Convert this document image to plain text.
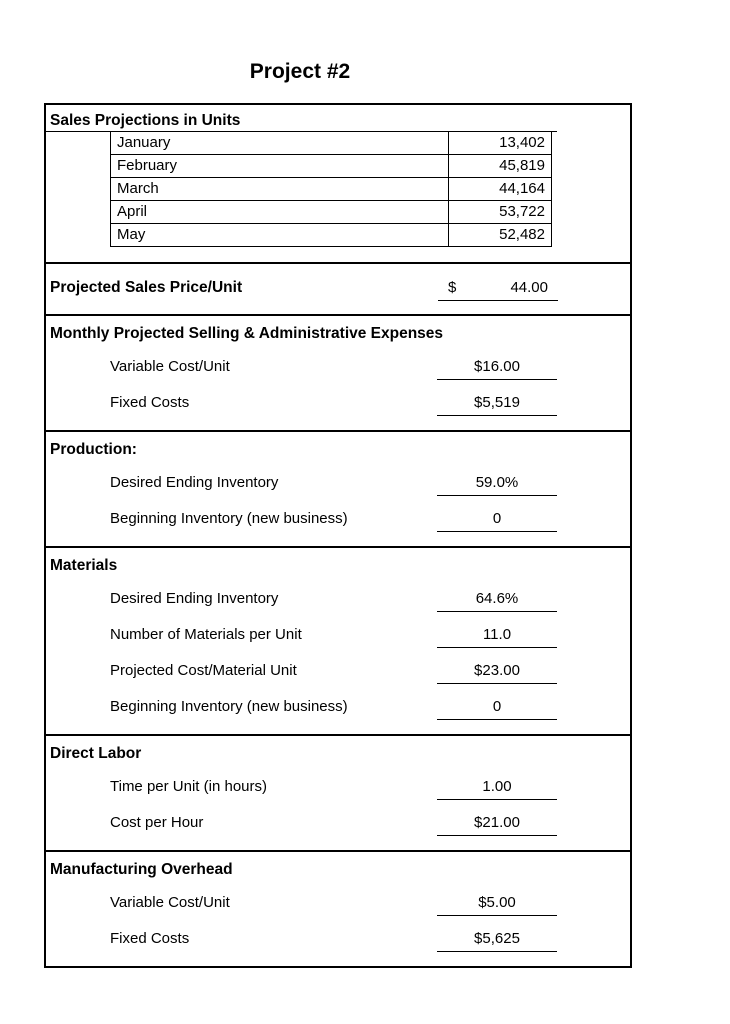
Project #2
Sales Projections in Units
January	13,402
February	45,819
March	44,164
April	53,722
May	52,482
Projected Sales Price/Unit	$	44.00
Monthly Projected Selling & Administrative Expenses
Variable Cost/Unit	$16.00
Fixed Costs	$5,519
Production:
Desired Ending Inventory	59.0%
Beginning Inventory (new business)	0
Materials
Desired Ending Inventory	64.6%
Number of Materials per Unit	11.0
Projected Cost/Material Unit	$23.00
Beginning Inventory (new business)	0
Direct Labor
Time per Unit (in hours)	1.00
Cost per Hour	$21.00
Manufacturing Overhead
Variable Cost/Unit	$5.00
Fixed Costs	$5,625
